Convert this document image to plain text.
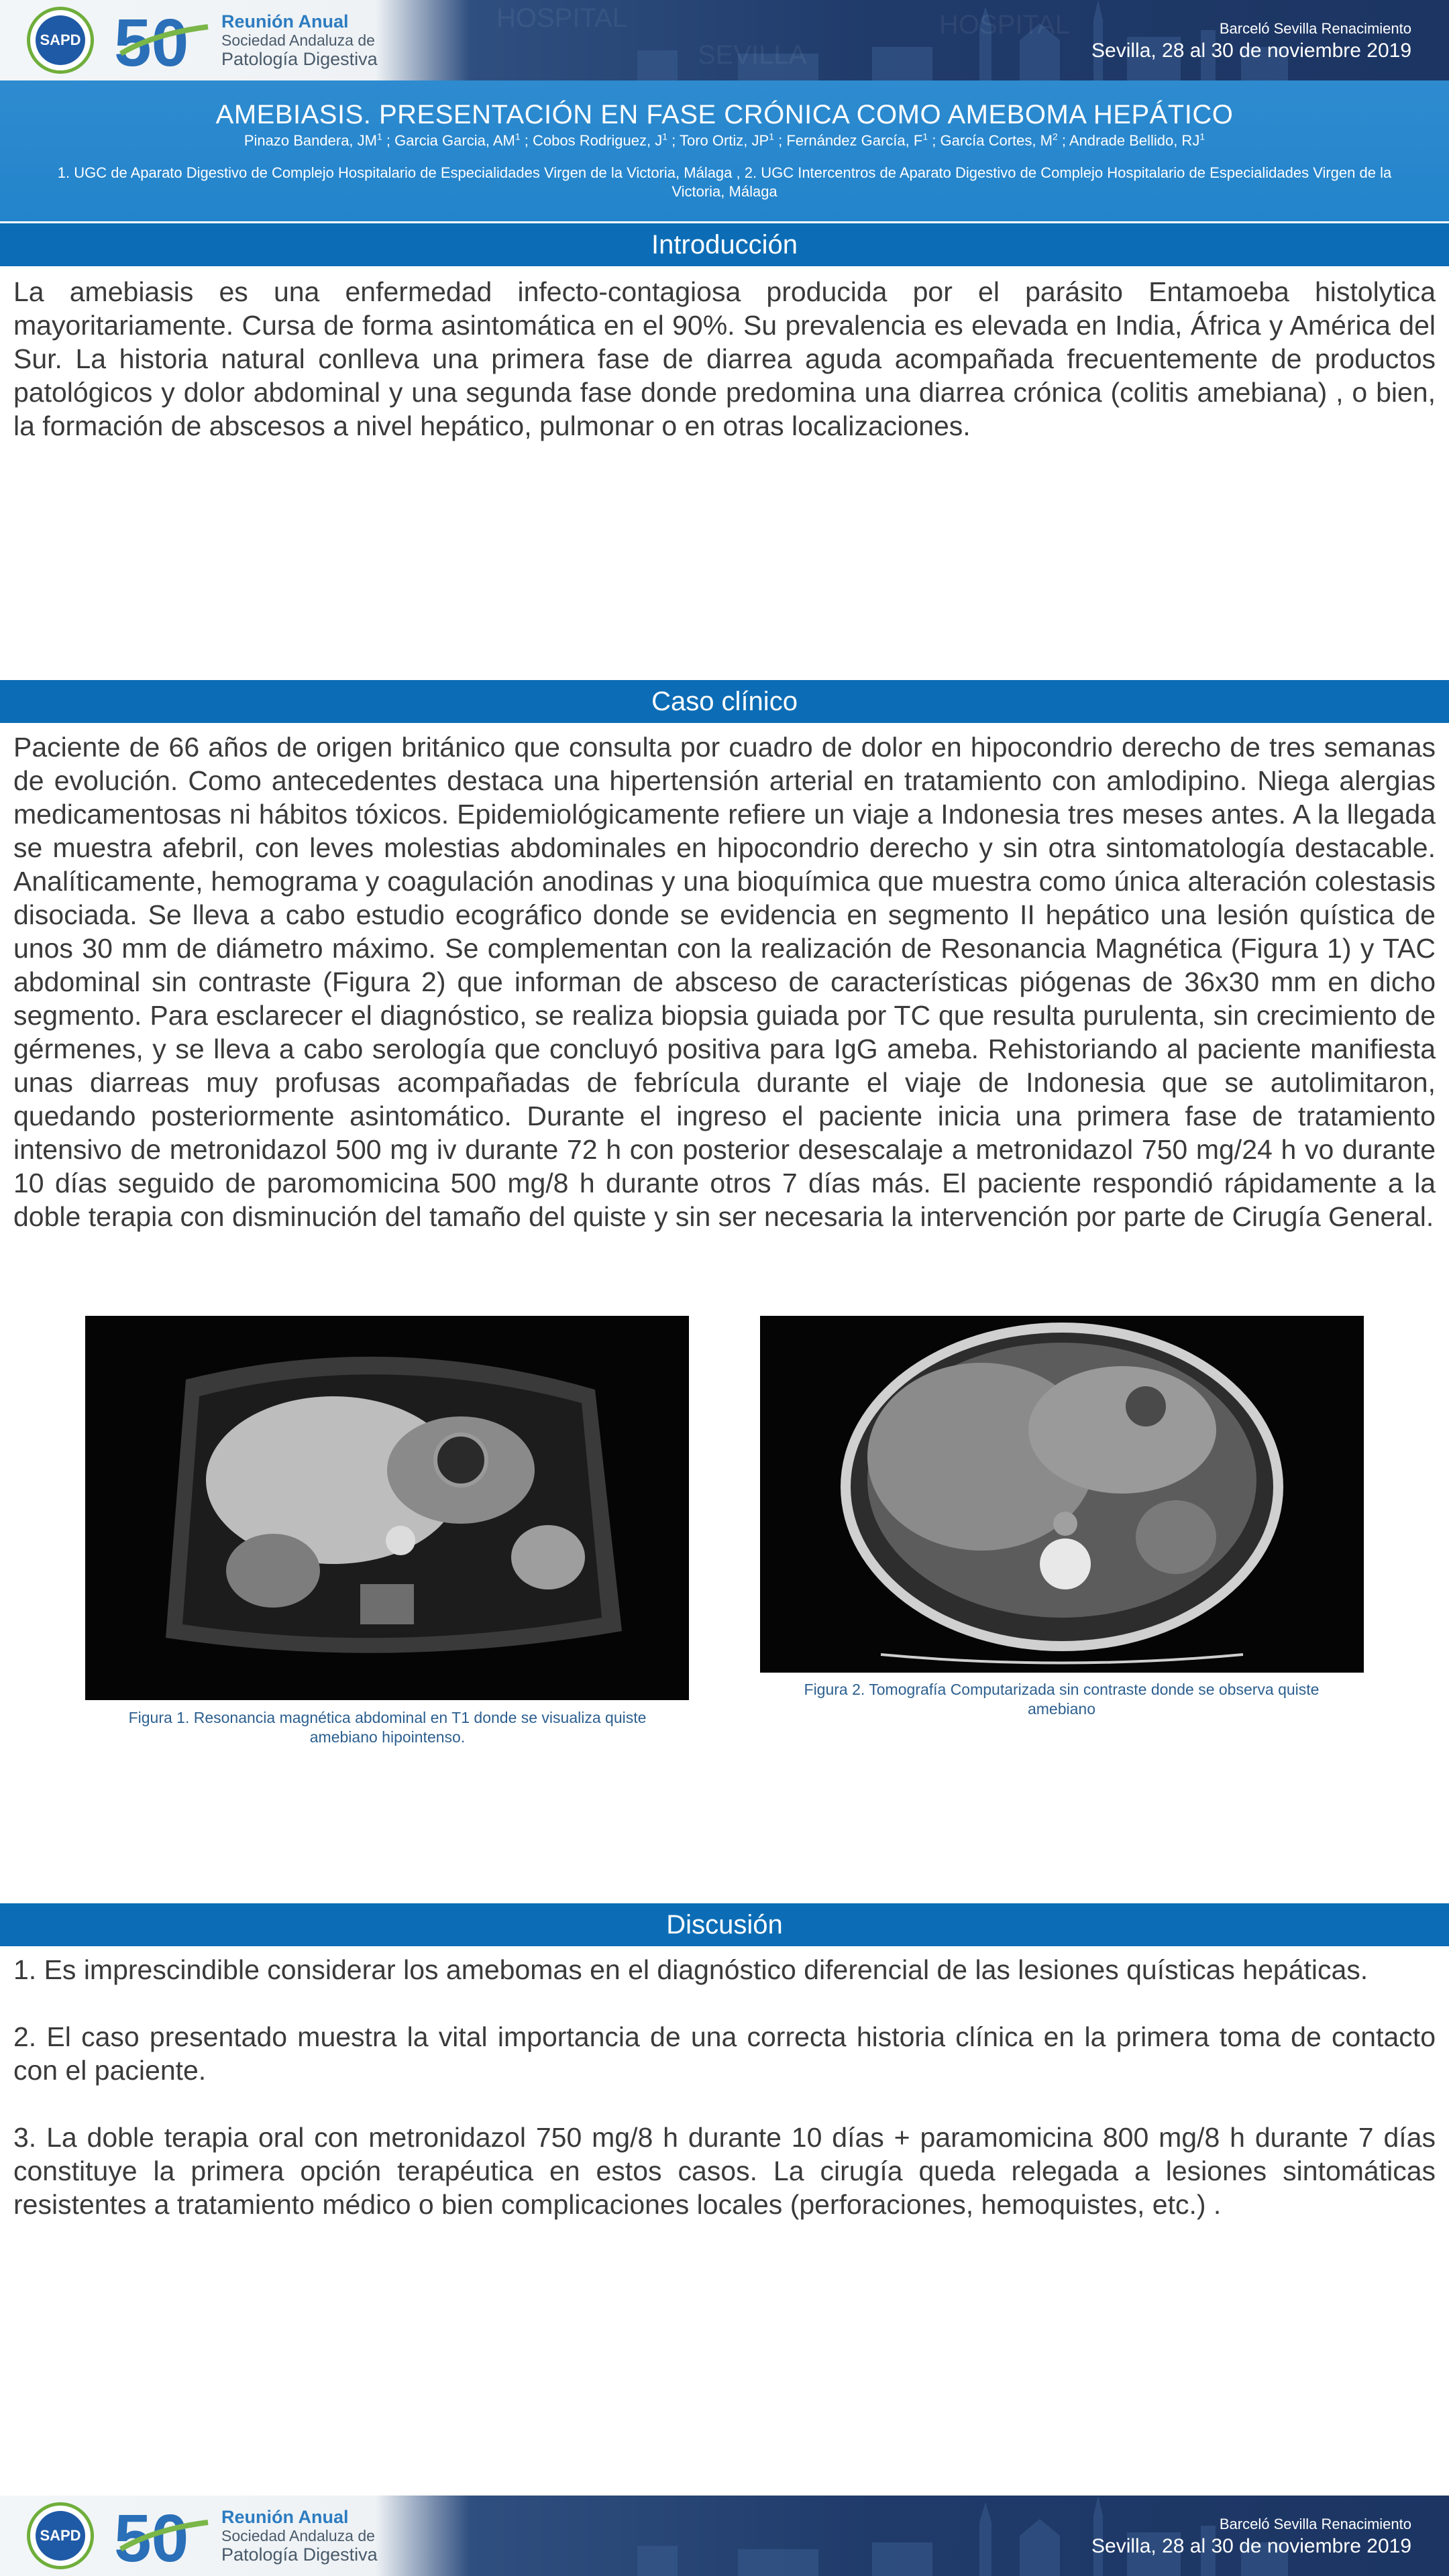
HOSPITAL
SEVILLA
HOSPITAL
SAPD 50 Reunión Anual
Sociedad Andaluza de
Patología Digestiva
Barceló Sevilla Renacimiento
Sevilla, 28 al 30 de noviembre 2019
AMEBIASIS. PRESENTACIÓN EN FASE CRÓNICA COMO AMEBOMA HEPÁTICO
Pinazo Bandera, $JM^1$ ; Garcia Garcia, $AM^1$ ; Cobos Rodriguez, $J^1$ ; Toro Ortiz, $JP^1$ ; Fernández García, $F^1$ ; García Cortes, $M^2$ ; Andrade Bellido, $RJ^1$
1. UGC de Aparato Digestivo de Complejo Hospitalario de Especialidades Virgen de la Victoria, Málaga , 2. UGC Intercentros de Aparato Digestivo de Complejo Hospitalario de Especialidades Virgen de la Victoria, Málaga
Introducción

La amebiasis es una enfermedad infecto-contagiosa producida por el parásito Entamoeba histolytica mayoritariamente. Cursa de forma asintomática en el 90%. Su prevalencia es elevada en India, África y América del Sur. La historia natural conlleva una primera fase de diarrea aguda acompañada frecuentemente de productos patológicos y dolor abdominal y una segunda fase donde predomina una diarrea crónica (colitis amebiana) , o bien, la formación de abscesos a nivel hepático, pulmonar o en otras localizaciones.

Caso clínico

Paciente de 66 años de origen británico que consulta por cuadro de dolor en hipocondrio derecho de tres semanas de evolución. Como antecedentes destaca una hipertensión arterial en tratamiento con amlodipino. Niega alergias medicamentosas ni hábitos tóxicos. Epidemiológicamente refiere un viaje a Indonesia tres meses antes. A la llegada se muestra afebril, con leves molestias abdominales en hipocondrio derecho y sin otra sintomatología destacable. Analíticamente, hemograma y coagulación anodinas y una bioquímica que muestra como única alteración colestasis disociada. Se lleva a cabo estudio ecográfico donde se evidencia en segmento II hepático una lesión quística de unos 30 mm de diámetro máximo. Se complementan con la realización de Resonancia Magnética (Figura 1) y TAC abdominal sin contraste (Figura 2) que informan de absceso de características piógenas de 36x30 mm en dicho segmento. Para esclarecer el diagnóstico, se realiza biopsia guiada por TC que resulta purulenta, sin crecimiento de gérmenes, y se lleva a cabo serología que concluyó positiva para IgG ameba. Rehistoriando al paciente manifiesta unas diarreas muy profusas acompañadas de febrícula durante el viaje de Indonesia que se autolimitaron, quedando posteriormente asintomático. Durante el ingreso el paciente inicia una primera fase de tratamiento intensivo de metronidazol 500 mg iv durante 72 h con posterior desescalaje a metronidazol 750 mg/24 h vo durante 10 días seguido de paromomicina 500 mg/8 h durante otros 7 días más. El paciente respondió rápidamente a la doble terapia con disminución del tamaño del quiste y sin ser necesaria la intervención por parte de Cirugía General.

Figura 1. Resonancia magnética abdominal en T1 donde se visualiza quiste amebiano hipointenso.
Figura 2. Tomografía Computarizada sin contraste donde se observa quiste amebiano
Discusión

1. Es imprescindible considerar los amebomas en el diagnóstico diferencial de las lesiones quísticas hepáticas.

2. El caso presentado muestra la vital importancia de una correcta historia clínica en la primera toma de contacto con el paciente.

3. La doble terapia oral con metronidazol 750 mg/8 h durante 10 días + paramomicina 800 mg/8 h durante 7 días constituye la primera opción terapéutica en estos casos. La cirugía queda relegada a lesiones sintomáticas resistentes a tratamiento médico o bien complicaciones locales (perforaciones, hemoquistes, etc.) .

SAPD 50 Reunión Anual
Sociedad Andaluza de
Patología Digestiva
Barceló Sevilla Renacimiento
Sevilla, 28 al 30 de noviembre 2019
